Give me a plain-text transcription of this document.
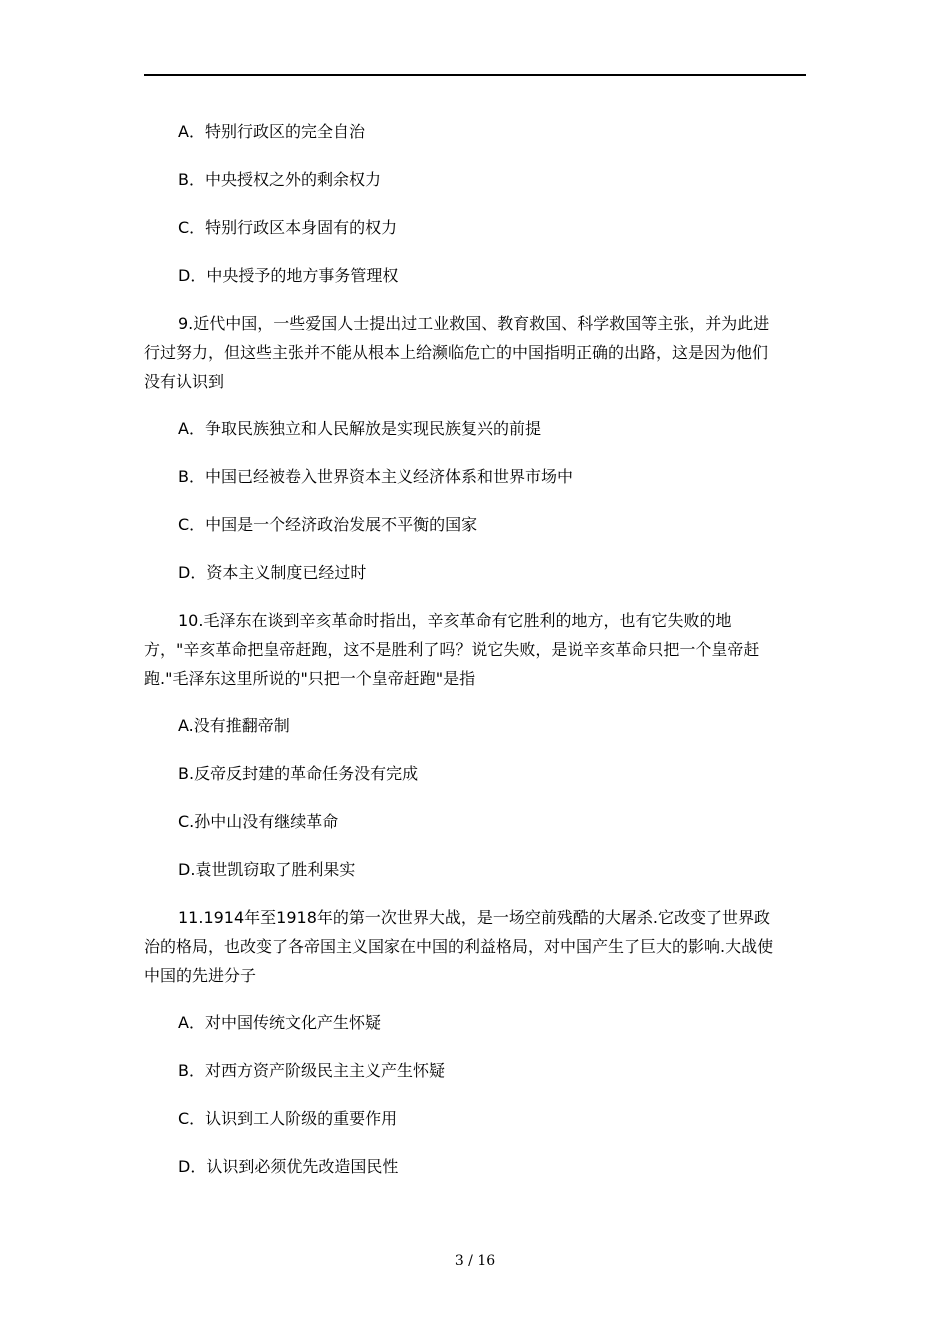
A．特别行政区的完全自治
B．中央授权之外的剩余权力
C．特别行政区本身固有的权力
D．中央授予的地方事务管理权
9.近代中国，一些爱国人士提出过工业救国、教育救国、科学救国等主张，并为此进
行过努力，但这些主张并不能从根本上给濒临危亡的中国指明正确的出路，这是因为他们
没有认识到
A．争取民族独立和人民解放是实现民族复兴的前提
B．中国已经被卷入世界资本主义经济体系和世界市场中
C．中国是一个经济政治发展不平衡的国家
D．资本主义制度已经过时
10.毛泽东在谈到辛亥革命时指出，辛亥革命有它胜利的地方，也有它失败的地
方，"辛亥革命把皇帝赶跑，这不是胜利了吗？说它失败，是说辛亥革命只把一个皇帝赶
跑."毛泽东这里所说的"只把一个皇帝赶跑"是指
A.没有推翻帝制
B.反帝反封建的革命任务没有完成
C.孙中山没有继续革命
D.袁世凯窃取了胜利果实
11.1914年至1918年的第一次世界大战，是一场空前残酷的大屠杀.它改变了世界政
治的格局，也改变了各帝国主义国家在中国的利益格局，对中国产生了巨大的影响.大战使
中国的先进分子
A．对中国传统文化产生怀疑
B．对西方资产阶级民主主义产生怀疑
C．认识到工人阶级的重要作用
D．认识到必须优先改造国民性
3 / 16
